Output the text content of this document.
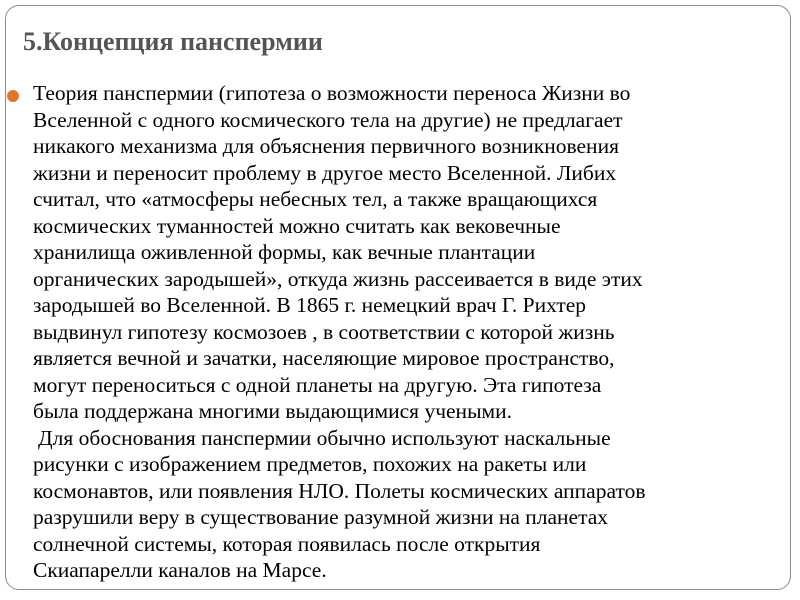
5.Концепция панспермии
Теория панспермии (гипотеза о возможности переноса Жизни во
Вселенной с одного космического тела на другие) не предлагает
никакого механизма для объяснения первичного возникновения
жизни и переносит проблему в другое место Вселенной. Либих
считал, что «атмосферы небесных тел, а также вращающихся
космических туманностей можно считать как вековечные
хранилища оживленной формы, как вечные плантации
органических зародышей», откуда жизнь рассеивается в виде этих
зародышей во Вселенной. В 1865 г. немецкий врач Г. Рихтер
выдвинул гипотезу космозоев , в соответствии с которой жизнь
является вечной и зачатки, населяющие мировое пространство,
могут переноситься с одной планеты на другую. Эта гипотеза
была поддержана многими выдающимися учеными.
Для обоснования панспермии обычно используют наскальные
рисунки с изображением предметов, похожих на ракеты или
космонавтов, или появления НЛО. Полеты космических аппаратов
разрушили веру в существование разумной жизни на планетах
солнечной системы, которая появилась после открытия
Скиапарелли каналов на Марсе.
